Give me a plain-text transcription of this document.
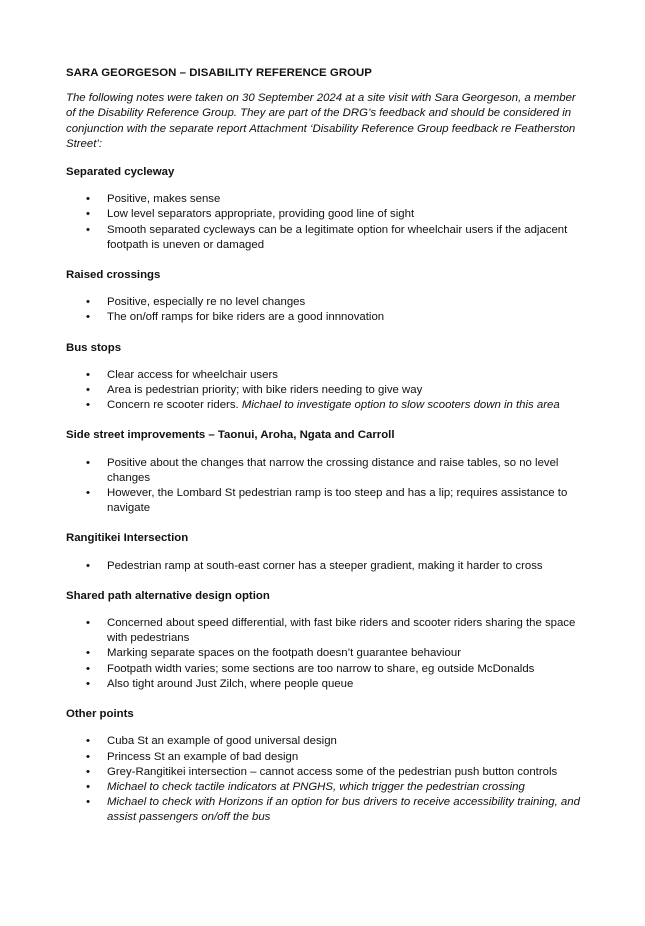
SARA GEORGESON – DISABILITY REFERENCE GROUP
The following notes were taken on 30 September 2024 at a site visit with Sara Georgeson, a member of the Disability Reference Group. They are part of the DRG’s feedback and should be considered in conjunction with the separate report Attachment ‘Disability Reference Group feedback re Featherston Street’:
Separated cycleway
• Positive, makes sense
• Low level separators appropriate, providing good line of sight
• Smooth separated cycleways can be a legitimate option for wheelchair users if the adjacent footpath is uneven or damaged
Raised crossings
• Positive, especially re no level changes
• The on/off ramps for bike riders are a good innnovation
Bus stops
• Clear access for wheelchair users
• Area is pedestrian priority; with bike riders needing to give way
• Concern re scooter riders. Michael to investigate option to slow scooters down in this area
Side street improvements – Taonui, Aroha, Ngata and Carroll
• Positive about the changes that narrow the crossing distance and raise tables, so no level changes
• However, the Lombard St pedestrian ramp is too steep and has a lip; requires assistance to navigate
Rangitikei Intersection
• Pedestrian ramp at south-east corner has a steeper gradient, making it harder to cross
Shared path alternative design option
• Concerned about speed differential, with fast bike riders and scooter riders sharing the space with pedestrians
• Marking separate spaces on the footpath doesn’t guarantee behaviour
• Footpath width varies; some sections are too narrow to share, eg outside McDonalds
• Also tight around Just Zilch, where people queue
Other points
• Cuba St an example of good universal design
• Princess St an example of bad design
• Grey-Rangitikei intersection – cannot access some of the pedestrian push button controls
• Michael to check tactile indicators at PNGHS, which trigger the pedestrian crossing
• Michael to check with Horizons if an option for bus drivers to receive accessibility training, and assist passengers on/off the bus
